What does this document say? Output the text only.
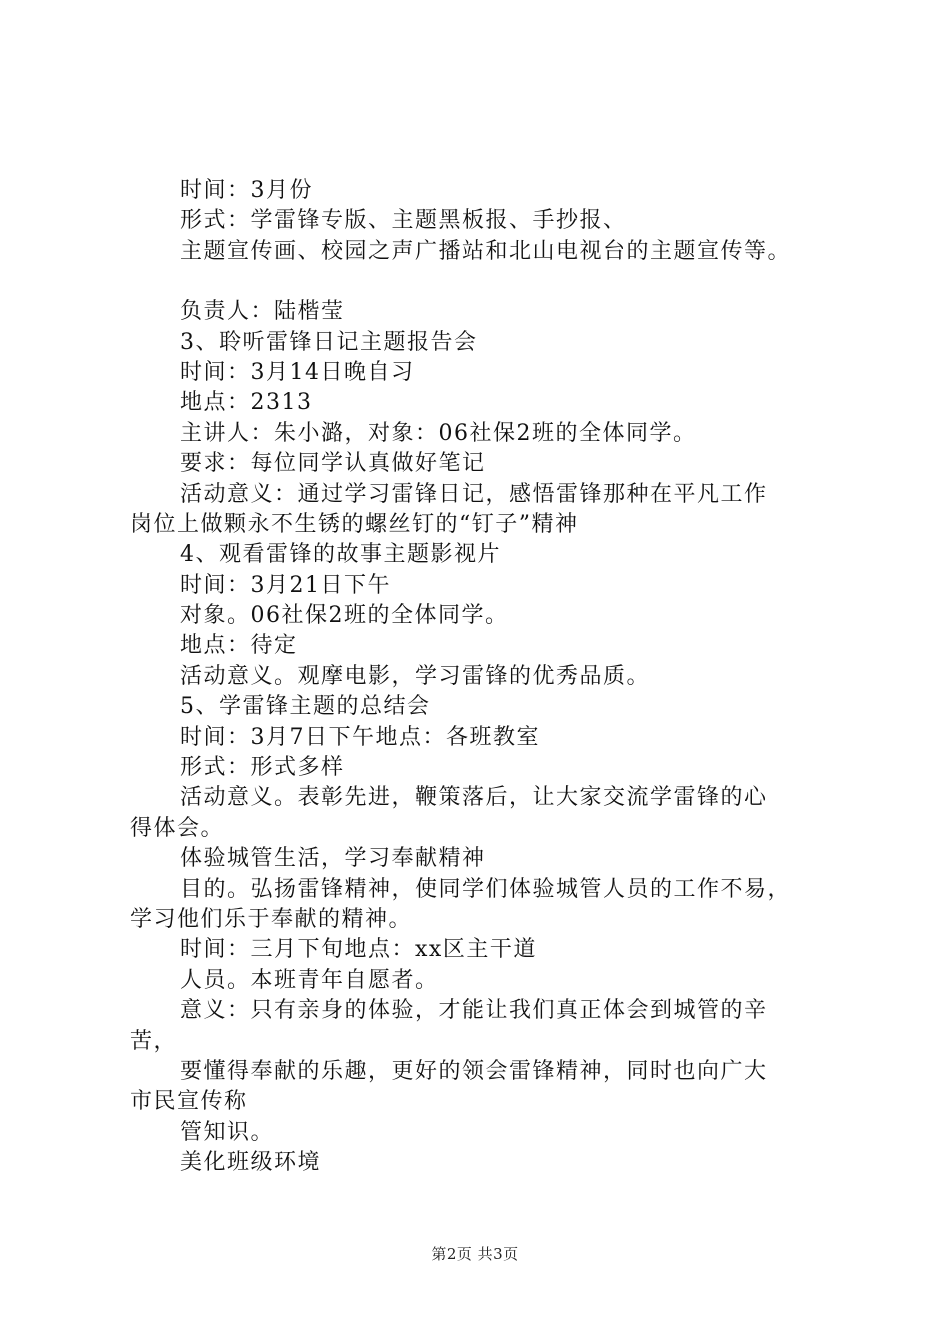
时间：3月份
形式：学雷锋专版、主题黑板报、手抄报、
主题宣传画、校园之声广播站和北山电视台的主题宣传等。
负责人：陆楷莹
3、聆听雷锋日记主题报告会
时间：3月14日晚自习
地点：2313
主讲人：朱小潞，对象：06社保2班的全体同学。
要求：每位同学认真做好笔记
活动意义：通过学习雷锋日记，感悟雷锋那种在平凡工作
岗位上做颗永不生锈的螺丝钉的“钉子”精神
4、观看雷锋的故事主题影视片
时间：3月21日下午
对象。06社保2班的全体同学。
地点：待定
活动意义。观摩电影，学习雷锋的优秀品质。
5、学雷锋主题的总结会
时间：3月7日下午地点：各班教室
形式：形式多样
活动意义。表彰先进，鞭策落后，让大家交流学雷锋的心
得体会。
体验城管生活，学习奉献精神
目的。弘扬雷锋精神，使同学们体验城管人员的工作不易，
学习他们乐于奉献的精神。
时间：三月下旬地点：xx区主干道
人员。本班青年自愿者。
意义：只有亲身的体验，才能让我们真正体会到城管的辛
苦，
要懂得奉献的乐趣，更好的领会雷锋精神，同时也向广大
市民宣传称
管知识。
美化班级环境
第2页 共3页
